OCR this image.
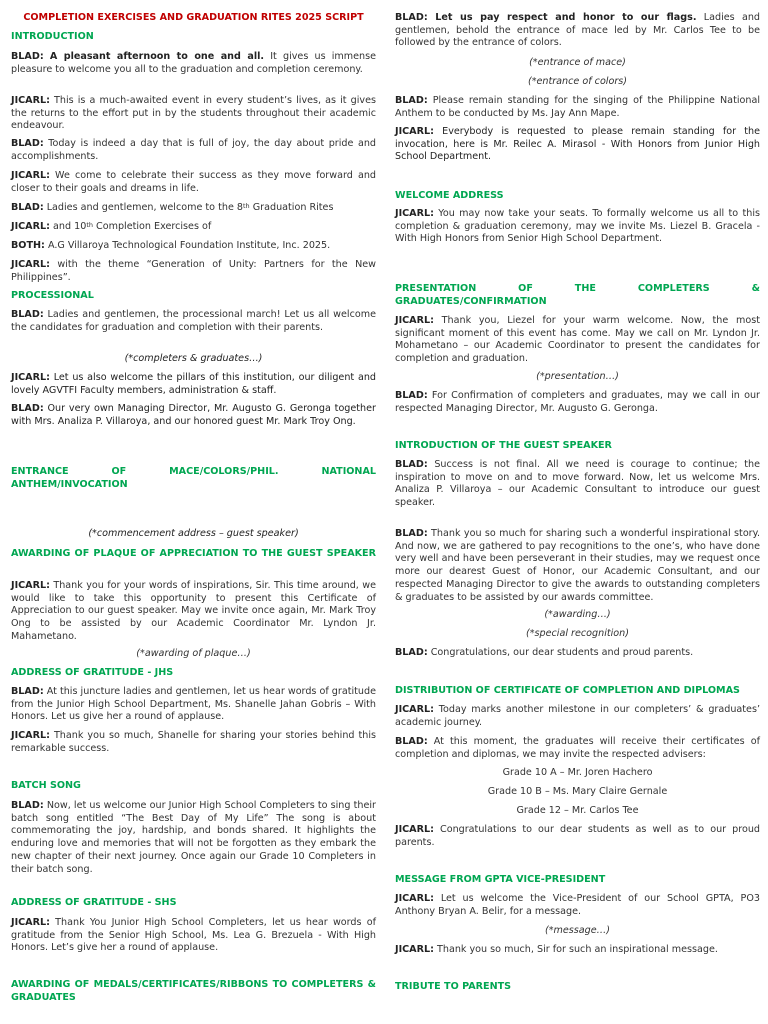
COMPLETION EXERCISES AND GRADUATION RITES 2025 SCRIPT
INTRODUCTION
BLAD: A pleasant afternoon to one and all. It gives us immense pleasure to welcome you all to the graduation and completion ceremony.
JICARL: This is a much-awaited event in every student’s lives, as it gives the returns to the effort put in by the students throughout their academic endeavour.
BLAD: Today is indeed a day that is full of joy, the day about pride and accomplishments.
JICARL: We come to celebrate their success as they move forward and closer to their goals and dreams in life.
BLAD: Ladies and gentlemen, welcome to the 8th Graduation Rites
JICARL: and 10th Completion Exercises of
BOTH: A.G Villaroya Technological Foundation Institute, Inc. 2025.
JICARL: with the theme “Generation of Unity: Partners for the New Philippines”.
PROCESSIONAL
BLAD: Ladies and gentlemen, the processional march! Let us all welcome the candidates for graduation and completion with their parents.
(*completers & graduates…)
JICARL: Let us also welcome the pillars of this institution, our diligent and lovely AGVTFI Faculty members, administration & staff.
BLAD: Our very own Managing Director, Mr. Augusto G. Geronga together with Mrs. Analiza P. Villaroya, and our honored guest Mr. Mark Troy Ong.
ENTRANCE OF MACE/COLORS/PHIL. NATIONAL ANTHEM/INVOCATION
(*commencement address – guest speaker)
AWARDING OF PLAQUE OF APPRECIATION TO THE GUEST SPEAKER
JICARL: Thank you for your words of inspirations, Sir. This time around, we would like to take this opportunity to present this Certificate of Appreciation to our guest speaker. May we invite once again, Mr. Mark Troy Ong to be assisted by our Academic Coordinator Mr. Lyndon Jr. Mahametano.
(*awarding of plaque…)
ADDRESS OF GRATITUDE - JHS
BLAD: At this juncture ladies and gentlemen, let us hear words of gratitude from the Junior High School Department, Ms. Shanelle Jahan Gobris – With Honors. Let us give her a round of applause.
JICARL: Thank you so much, Shanelle for sharing your stories behind this remarkable success.
BATCH SONG
BLAD: Now, let us welcome our Junior High School Completers to sing their batch song entitled “The Best Day of My Life” The song is about commemorating the joy, hardship, and bonds shared. It highlights the enduring love and memories that will not be forgotten as they embark the new chapter of their next journey. Once again our Grade 10 Completers in their batch song.
ADDRESS OF GRATITUDE - SHS
JICARL: Thank You Junior High School Completers, let us hear words of gratitude from the Senior High School, Ms. Lea G. Brezuela - With High Honors. Let’s give her a round of applause.
AWARDING OF MEDALS/CERTIFICATES/RIBBONS TO COMPLETERS & GRADUATES
BLAD: Let us pay respect and honor to our flags. Ladies and gentlemen, behold the entrance of mace led by Mr. Carlos Tee to be followed by the entrance of colors.
(*entrance of mace)
(*entrance of colors)
BLAD: Please remain standing for the singing of the Philippine National Anthem to be conducted by Ms. Jay Ann Mape.
JICARL: Everybody is requested to please remain standing for the invocation, here is Mr. Reilec A. Mirasol - With Honors from Junior High School Department.
WELCOME ADDRESS
JICARL: You may now take your seats. To formally welcome us all to this completion & graduation ceremony, may we invite Ms. Liezel B. Gracela - With High Honors from Senior High School Department.
PRESENTATION OF THE COMPLETERS & GRADUATES/CONFIRMATION
JICARL: Thank you, Liezel for your warm welcome. Now, the most significant moment of this event has come. May we call on Mr. Lyndon Jr. Mohametano – our Academic Coordinator to present the candidates for completion and graduation.
(*presentation…)
BLAD: For Confirmation of completers and graduates, may we call in our respected Managing Director, Mr. Augusto G. Geronga.
INTRODUCTION OF THE GUEST SPEAKER
BLAD: Success is not final. All we need is courage to continue; the inspiration to move on and to move forward. Now, let us welcome Mrs. Analiza P. Villaroya – our Academic Consultant to introduce our guest speaker.
BLAD: Thank you so much for sharing such a wonderful inspirational story. And now, we are gathered to pay recognitions to the one’s, who have done very well and have been perseverant in their studies, may we request once more our dearest Guest of Honor, our Academic Consultant, and our respected Managing Director to give the awards to outstanding completers & graduates to be assisted by our awards committee.
(*awarding…)
(*special recognition)
BLAD: Congratulations, our dear students and proud parents.
DISTRIBUTION OF CERTIFICATE OF COMPLETION AND DIPLOMAS
JICARL: Today marks another milestone in our completers’ & graduates’ academic journey.
BLAD: At this moment, the graduates will receive their certificates of completion and diplomas, we may invite the respected advisers:
Grade 10 A – Mr. Joren Hachero
Grade 10 B – Ms. Mary Claire Gernale
Grade 12 – Mr. Carlos Tee
JICARL: Congratulations to our dear students as well as to our proud parents.
MESSAGE FROM GPTA VICE-PRESIDENT
JICARL: Let us welcome the Vice-President of our School GPTA, PO3 Anthony Bryan A. Belir, for a message.
(*message…)
JICARL: Thank you so much, Sir for such an inspirational message.
TRIBUTE TO PARENTS
